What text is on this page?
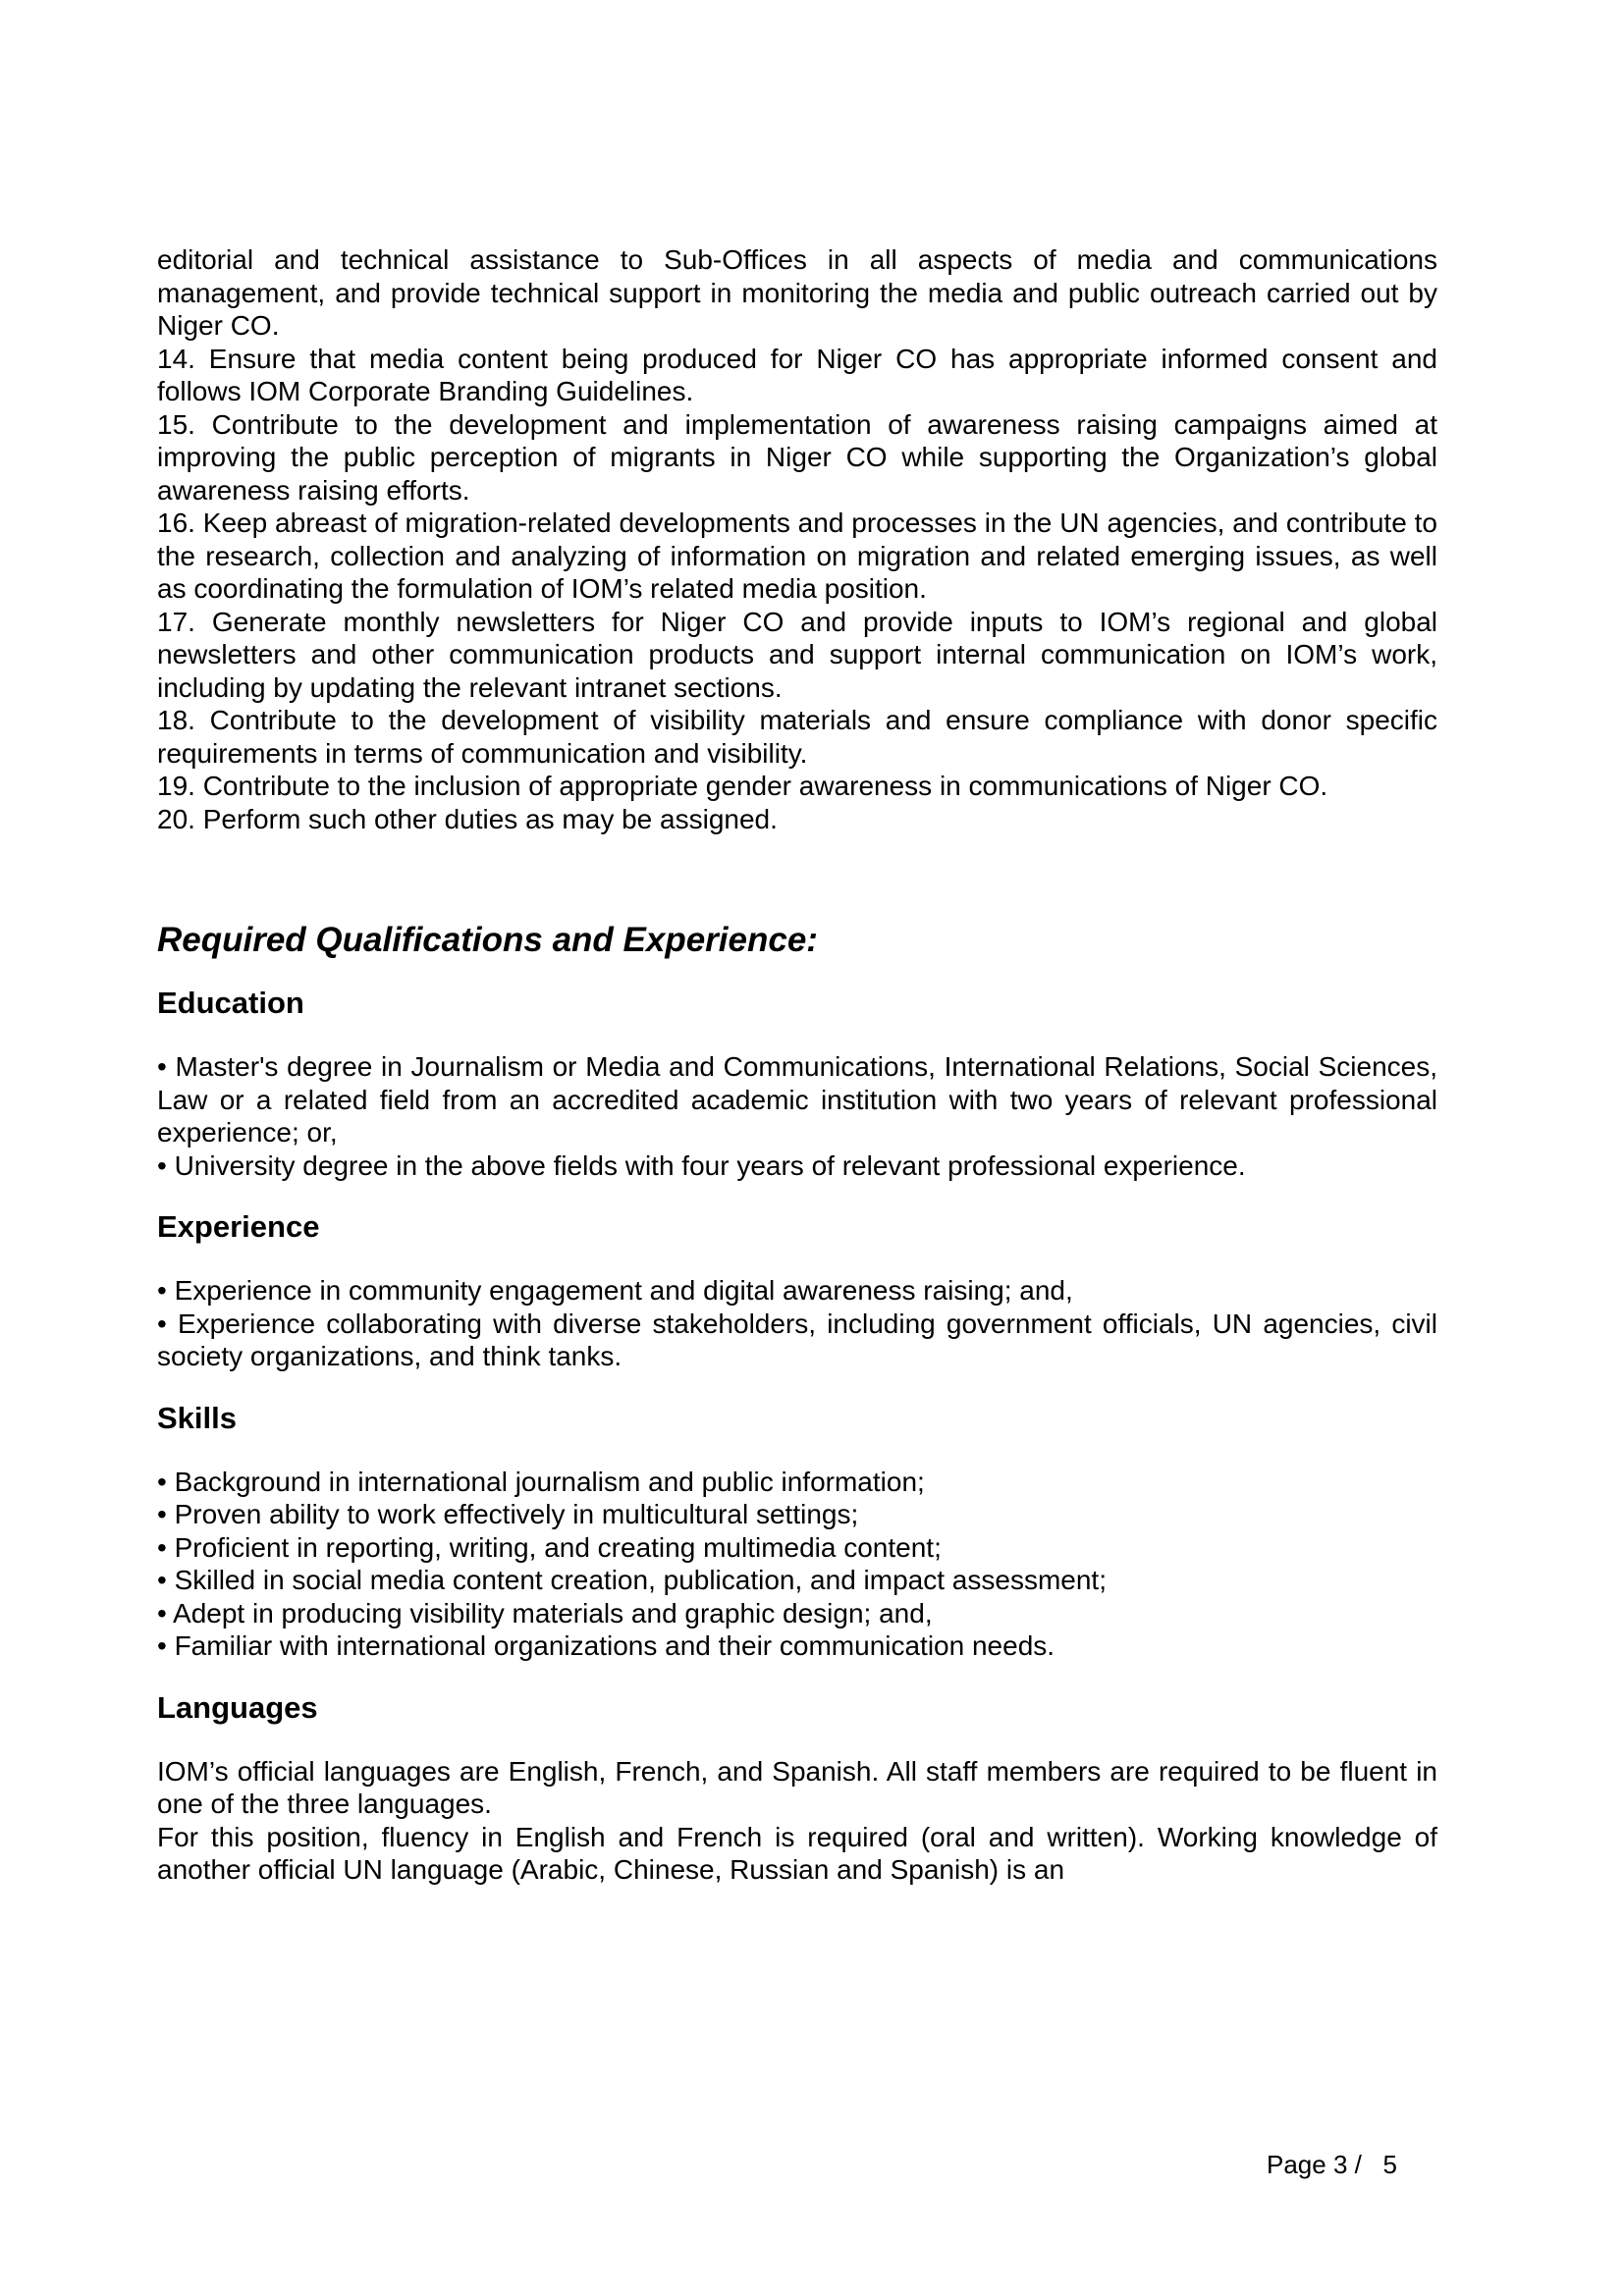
editorial and technical assistance to Sub-Offices in all aspects of media and communications management, and provide technical support in monitoring the media and public outreach carried out by Niger CO.

14. Ensure that media content being produced for Niger CO has appropriate informed consent and follows IOM Corporate Branding Guidelines.

15. Contribute to the development and implementation of awareness raising campaigns aimed at improving the public perception of migrants in Niger CO while supporting the Organization’s global awareness raising efforts.

16. Keep abreast of migration-related developments and processes in the UN agencies, and contribute to the research, collection and analyzing of information on migration and related emerging issues, as well as coordinating the formulation of IOM’s related media position.

17. Generate monthly newsletters for Niger CO and provide inputs to IOM’s regional and global newsletters and other communication products and support internal communication on IOM’s work, including by updating the relevant intranet sections.

18. Contribute to the development of visibility materials and ensure compliance with donor specific requirements in terms of communication and visibility.

19. Contribute to the inclusion of appropriate gender awareness in communications of Niger CO.

20. Perform such other duties as may be assigned.

Required Qualifications and Experience:
Education

• Master's degree in Journalism or Media and Communications, International Relations, Social Sciences, Law or a related field from an accredited academic institution with two years of relevant professional experience; or,

• University degree in the above fields with four years of relevant professional experience.

Experience

• Experience in community engagement and digital awareness raising; and,

• Experience collaborating with diverse stakeholders, including government officials, UN agencies, civil society organizations, and think tanks.

Skills

• Background in international journalism and public information;

• Proven ability to work effectively in multicultural settings;

• Proficient in reporting, writing, and creating multimedia content;

• Skilled in social media content creation, publication, and impact assessment;

• Adept in producing visibility materials and graphic design; and,

• Familiar with international organizations and their communication needs.

Languages

IOM’s official languages are English, French, and Spanish. All staff members are required to be fluent in one of the three languages.

For this position, fluency in English and French is required (oral and written). Working knowledge of another official UN language (Arabic, Chinese, Russian and Spanish) is an

Page 3 /   5
